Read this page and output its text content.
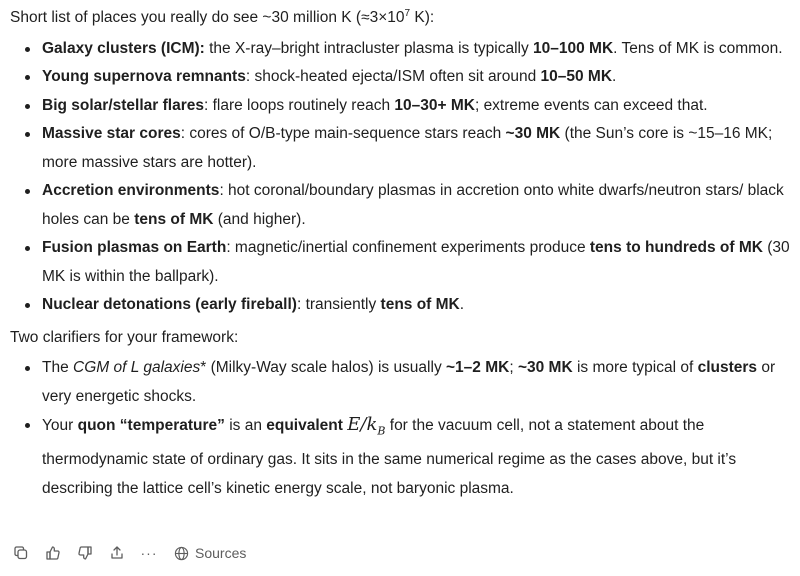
Short list of places you really do see ~30 million K ($\approx 3\times 10^7$ K):

Galaxy clusters (ICM): the X-ray–bright intracluster plasma is typically 10–100 MK. Tens of MK is common.
Young supernova remnants: shock-heated ejecta/ISM often sit around 10–50 MK.
Big solar/stellar flares: flare loops routinely reach 10–30+ MK; extreme events can exceed that.
Massive star cores: cores of O/B-type main-sequence stars reach ~30 MK (the Sun’s core is ~15–16 MK; more massive stars are hotter).
Accretion environments: hot coronal/boundary plasmas in accretion onto white dwarfs/neutron stars/ black holes can be tens of MK (and higher).
Fusion plasmas on Earth: magnetic/inertial confinement experiments produce tens to hundreds of MK (30 MK is within the ballpark).
Nuclear detonations (early fireball): transiently tens of MK.

Two clarifiers for your framework:

The CGM of L galaxies* (Milky-Way scale halos) is usually ~1–2 MK; ~30 MK is more typical of clusters or very energetic shocks.
Your quon “temperature” is an equivalent $E/k_B$ for the vacuum cell, not a statement about the thermodynamic state of ordinary gas. It sits in the same numerical regime as the cases above, but it’s describing the lattice cell’s kinetic energy scale, not baryonic plasma.
···	Sources
